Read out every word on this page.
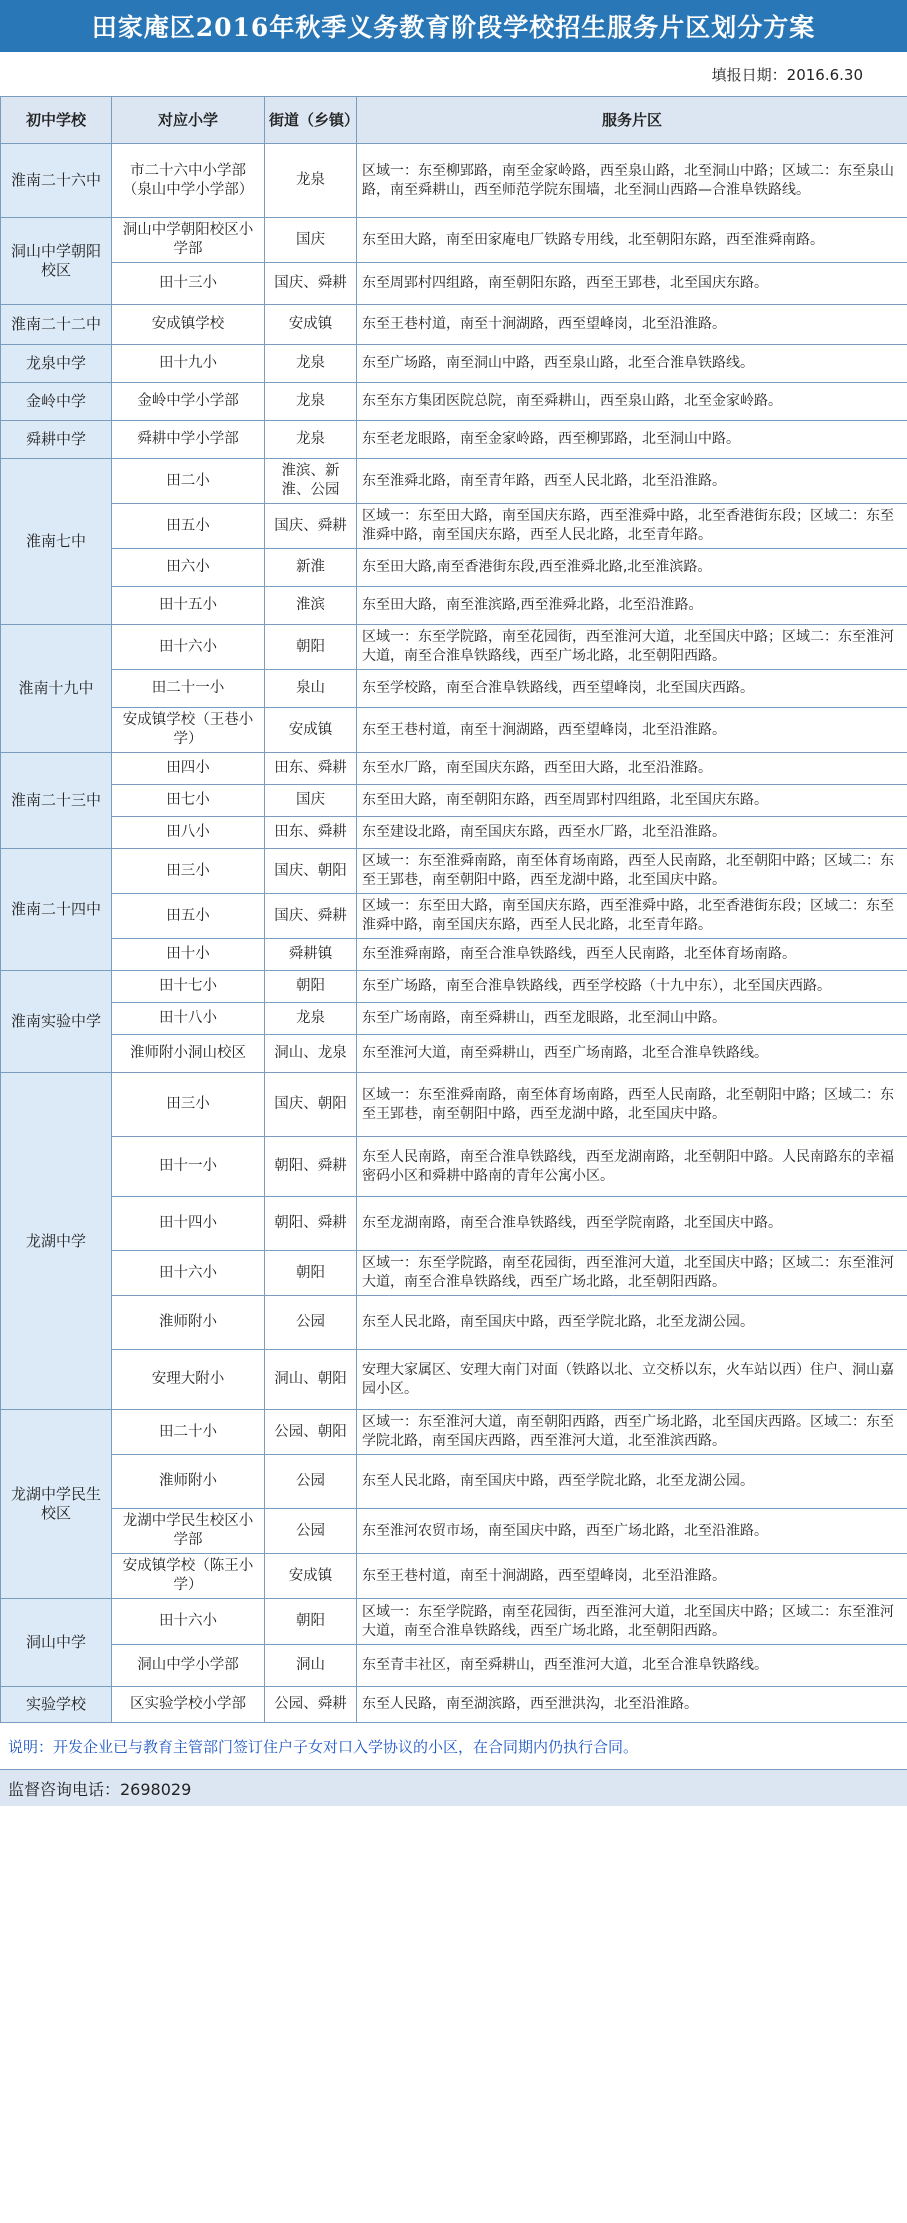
田家庵区2016年秋季义务教育阶段学校招生服务片区划分方案
填报日期：2016.6.30
初中学校	对应小学	街道（乡镇）	服务片区
淮南二十六中	市二十六中小学部（泉山中学小学部）	龙泉	区域一：东至柳郢路，南至金家岭路，西至泉山路，北至洞山中路；区域二：东至泉山路，南至舜耕山，西至师范学院东围墙，北至洞山西路—合淮阜铁路线。
洞山中学朝阳校区	洞山中学朝阳校区小学部	国庆	东至田大路，南至田家庵电厂铁路专用线，北至朝阳东路，西至淮舜南路。
	田十三小	国庆、舜耕	东至周郢村四组路，南至朝阳东路，西至王郢巷，北至国庆东路。
淮南二十二中	安成镇学校	安成镇	东至王巷村道，南至十涧湖路，西至望峰岗，北至沿淮路。
龙泉中学	田十九小	龙泉	东至广场路，南至洞山中路，西至泉山路，北至合淮阜铁路线。
金岭中学	金岭中学小学部	龙泉	东至东方集团医院总院，南至舜耕山，西至泉山路，北至金家岭路。
舜耕中学	舜耕中学小学部	龙泉	东至老龙眼路，南至金家岭路，西至柳郢路，北至洞山中路。
淮南七中	田二小	淮滨、新淮、公园	东至淮舜北路，南至青年路，西至人民北路，北至沿淮路。
	田五小	国庆、舜耕	区域一：东至田大路，南至国庆东路，西至淮舜中路，北至香港街东段；区域二：东至淮舜中路，南至国庆东路，西至人民北路，北至青年路。
	田六小	新淮	东至田大路,南至香港街东段,西至淮舜北路,北至淮滨路。
	田十五小	淮滨	东至田大路，南至淮滨路,西至淮舜北路，北至沿淮路。
淮南十九中	田十六小	朝阳	区域一：东至学院路，南至花园街，西至淮河大道，北至国庆中路；区域二：东至淮河大道，南至合淮阜铁路线，西至广场北路，北至朝阳西路。
	田二十一小	泉山	东至学校路，南至合淮阜铁路线，西至望峰岗，北至国庆西路。
	安成镇学校（王巷小学）	安成镇	东至王巷村道，南至十涧湖路，西至望峰岗，北至沿淮路。
淮南二十三中	田四小	田东、舜耕	东至水厂路，南至国庆东路，西至田大路，北至沿淮路。
	田七小	国庆	东至田大路，南至朝阳东路，西至周郢村四组路，北至国庆东路。
	田八小	田东、舜耕	东至建设北路，南至国庆东路，西至水厂路，北至沿淮路。
淮南二十四中	田三小	国庆、朝阳	区域一：东至淮舜南路，南至体育场南路，西至人民南路，北至朝阳中路；区域二：东至王郢巷，南至朝阳中路，西至龙湖中路，北至国庆中路。
	田五小	国庆、舜耕	区域一：东至田大路，南至国庆东路，西至淮舜中路，北至香港街东段；区域二：东至淮舜中路，南至国庆东路，西至人民北路，北至青年路。
	田十小	舜耕镇	东至淮舜南路，南至合淮阜铁路线，西至人民南路，北至体育场南路。
淮南实验中学	田十七小	朝阳	东至广场路，南至合淮阜铁路线，西至学校路（十九中东），北至国庆西路。
	田十八小	龙泉	东至广场南路，南至舜耕山，西至龙眼路，北至洞山中路。
	淮师附小洞山校区	洞山、龙泉	东至淮河大道，南至舜耕山，西至广场南路，北至合淮阜铁路线。
龙湖中学	田三小	国庆、朝阳	区域一：东至淮舜南路，南至体育场南路，西至人民南路，北至朝阳中路；区域二：东至王郢巷，南至朝阳中路，西至龙湖中路，北至国庆中路。
	田十一小	朝阳、舜耕	东至人民南路，南至合淮阜铁路线，西至龙湖南路，北至朝阳中路。人民南路东的幸福密码小区和舜耕中路南的青年公寓小区。
	田十四小	朝阳、舜耕	东至龙湖南路，南至合淮阜铁路线，西至学院南路，北至国庆中路。
	田十六小	朝阳	区域一：东至学院路，南至花园街，西至淮河大道，北至国庆中路；区域二：东至淮河大道，南至合淮阜铁路线，西至广场北路，北至朝阳西路。
	淮师附小	公园	东至人民北路，南至国庆中路，西至学院北路，北至龙湖公园。
	安理大附小	洞山、朝阳	安理大家属区、安理大南门对面（铁路以北、立交桥以东，火车站以西）住户、洞山嘉园小区。
龙湖中学民生校区	田二十小	公园、朝阳	区域一：东至淮河大道，南至朝阳西路，西至广场北路，北至国庆西路。区域二：东至学院北路，南至国庆西路，西至淮河大道，北至淮滨西路。
	淮师附小	公园	东至人民北路，南至国庆中路，西至学院北路，北至龙湖公园。
	龙湖中学民生校区小学部	公园	东至淮河农贸市场，南至国庆中路，西至广场北路，北至沿淮路。
	安成镇学校（陈王小学）	安成镇	东至王巷村道，南至十涧湖路，西至望峰岗，北至沿淮路。
洞山中学	田十六小	朝阳	区域一：东至学院路，南至花园街，西至淮河大道，北至国庆中路；区域二：东至淮河大道，南至合淮阜铁路线，西至广场北路，北至朝阳西路。
	洞山中学小学部	洞山	东至青丰社区，南至舜耕山，西至淮河大道，北至合淮阜铁路线。
实验学校	区实验学校小学部	公园、舜耕	东至人民路，南至湖滨路，西至泄洪沟，北至沿淮路。
说明：开发企业已与教育主管部门签订住户子女对口入学协议的小区，在合同期内仍执行合同。
监督咨询电话：2698029
